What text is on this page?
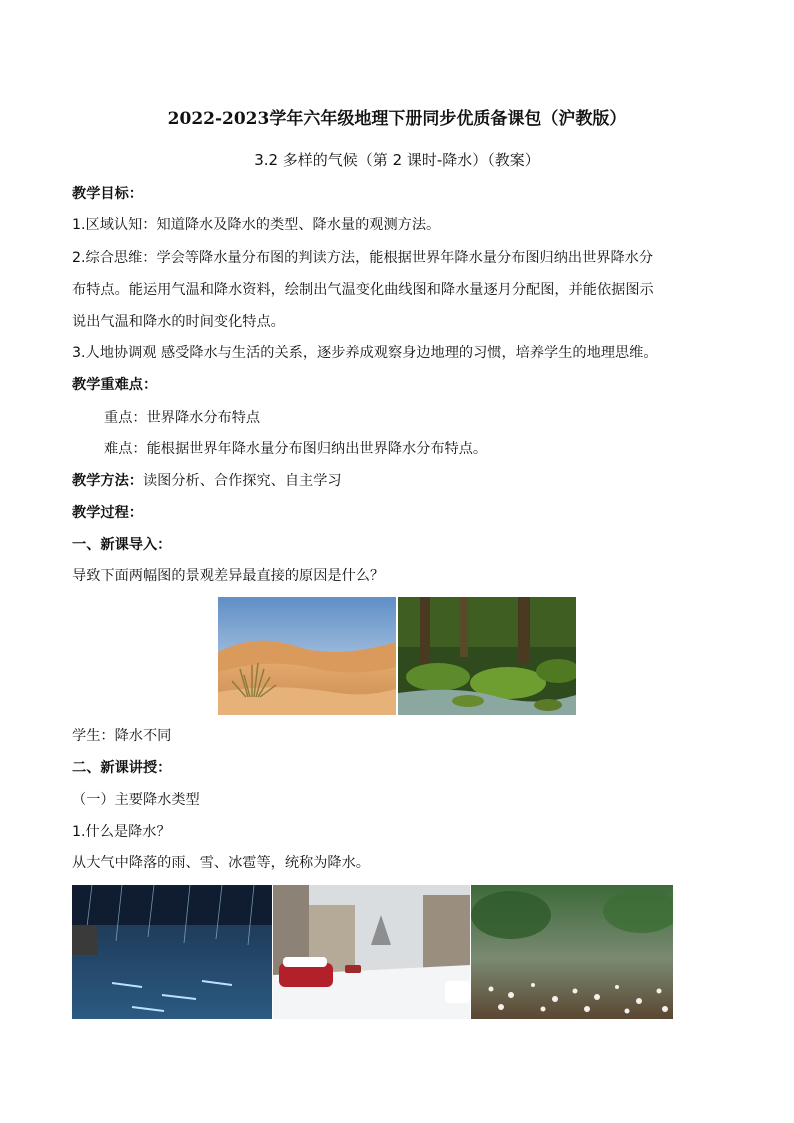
2022-2023学年六年级地理下册同步优质备课包（沪教版）
3.2 多样的气候（第 2 课时-降水）（教案）
教学目标：
1.区域认知：知道降水及降水的类型、降水量的观测方法。
2.综合思维：学会等降水量分布图的判读方法，能根据世界年降水量分布图归纳出世界降水分
布特点。能运用气温和降水资料，绘制出气温变化曲线图和降水量逐月分配图，并能依据图示
说出气温和降水的时间变化特点。
3.人地协调观 感受降水与生活的关系，逐步养成观察身边地理的习惯，培养学生的地理思维。
教学重难点：
重点：世界降水分布特点
难点：能根据世界年降水量分布图归纳出世界降水分布特点。
教学方法：读图分析、合作探究、自主学习
教学过程：
一、新课导入：
导致下面两幅图的景观差异最直接的原因是什么？
学生：降水不同
二、新课讲授：
（一）主要降水类型
1.什么是降水？
从大气中降落的雨、雪、冰雹等，统称为降水。
